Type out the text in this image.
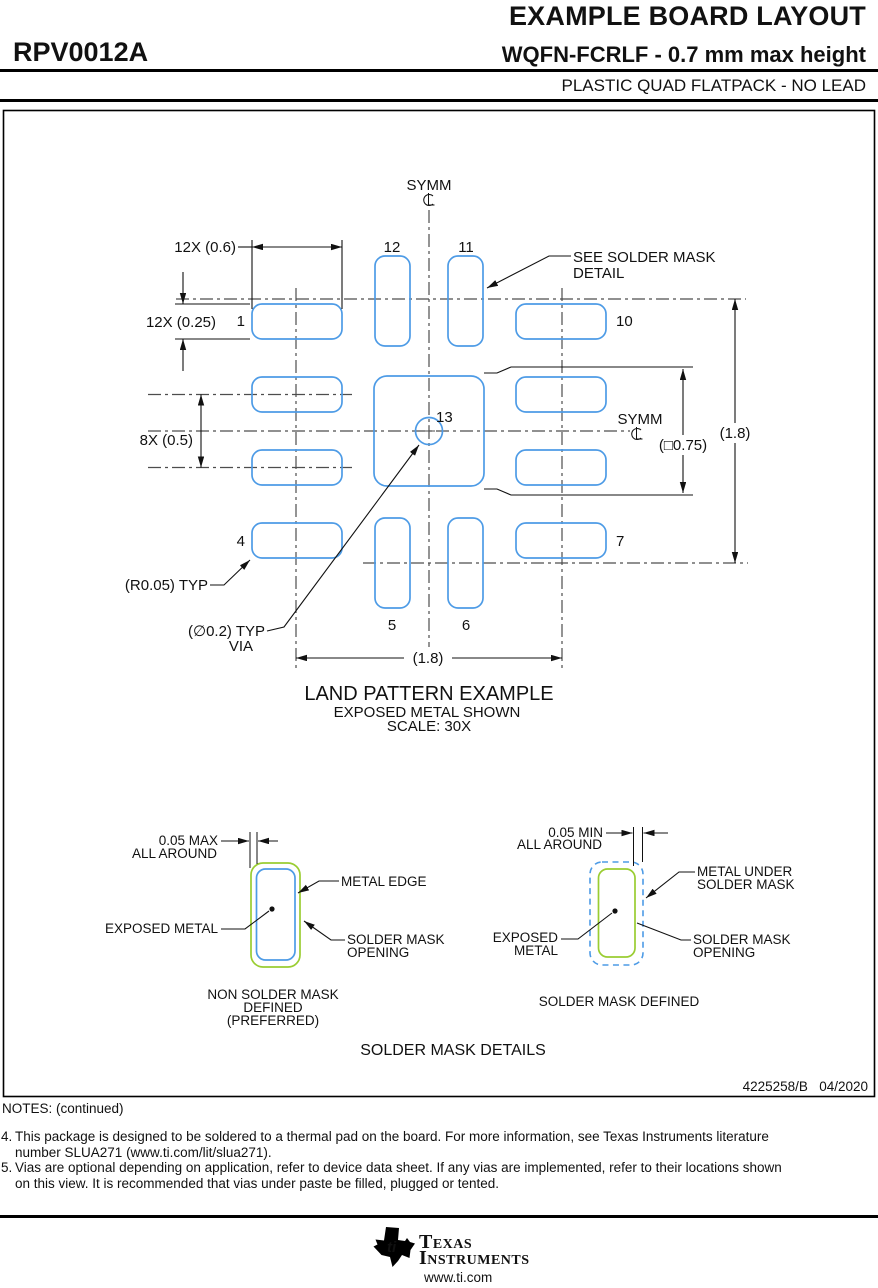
EXAMPLE BOARD LAYOUT
RPV0012A	WQFN-FCRLF - 0.7 mm max height
PLASTIC QUAD FLATPACK - NO LEAD
SYMM
SYMM
12X (0.6)
12X (0.25)
8X (0.5)	(□0.75)
(1.8)
(1.8)
SEE SOLDER MASK
DETAIL
(R0.05) TYP
(∅0.2) TYP
VIA
1
4
12	11
10
7
5	6
13
LAND PATTERN EXAMPLE
EXPOSED METAL SHOWN
SCALE: 30X
0.05 MAX
ALL AROUND
METAL EDGE
EXPOSED METAL
SOLDER MASK
OPENING
NON SOLDER MASK
DEFINED
(PREFERRED)
0.05 MIN
ALL AROUND
METAL UNDER
SOLDER MASK
EXPOSED
METAL
SOLDER MASK
OPENING
SOLDER MASK DEFINED
SOLDER MASK DETAILS
4225258/B   04/2020
NOTES: (continued)
4. This package is designed to be soldered to a thermal pad on the board. For more information, see Texas Instruments literature
number SLUA271 (www.ti.com/lit/slua271).
5. Vias are optional depending on application, refer to device data sheet. If any vias are implemented, refer to their locations shown
on this view. It is recommended that vias under paste be filled, plugged or tented.
ti Texas
Instruments
www.ti.com
